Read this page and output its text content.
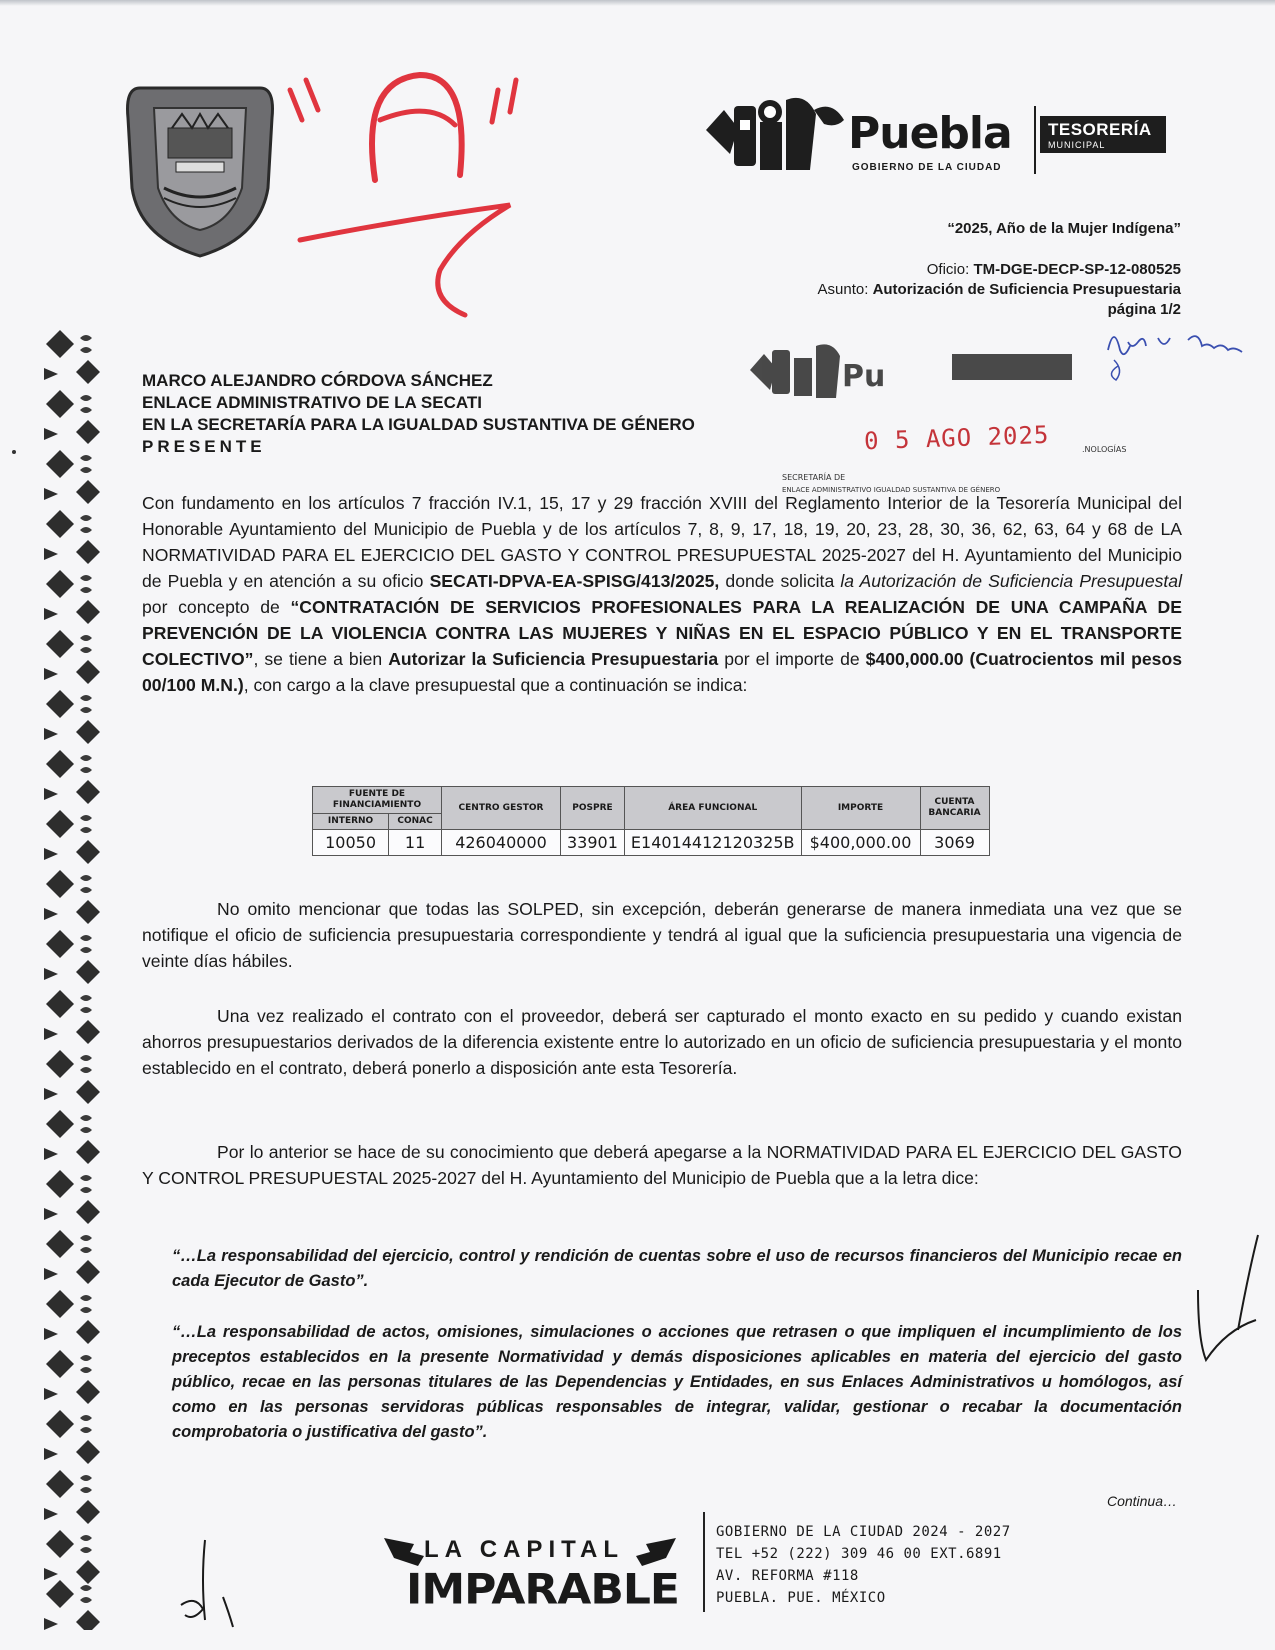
Puebla
GOBIERNO DE LA CIUDAD
TESORERÍA
MUNICIPAL
“2025, Año de la Mujer Indígena”
Oficio: TM-DGE-DECP-SP-12-080525
Asunto: Autorización de Suficiencia Presupuestaria
página 1/2
Pu
.NOLOGÍAS
SECRETARÍA DE
ENLACE ADMINISTRATIVO IGUALDAD SUSTANTIVA DE GÉNERO
0 5 AGO 2025
MARCO ALEJANDRO CÓRDOVA SÁNCHEZ
ENLACE ADMINISTRATIVO DE LA SECATI
EN LA SECRETARÍA PARA LA IGUALDAD SUSTANTIVA DE GÉNERO
PRESENTE
Con fundamento en los artículos 7 fracción IV.1, 15, 17 y 29 fracción XVIII del Reglamento Interior de la Tesorería Municipal del Honorable Ayuntamiento del Municipio de Puebla y de los artículos 7, 8, 9, 17, 18, 19, 20, 23, 28, 30, 36, 62, 63, 64 y 68 de LA NORMATIVIDAD PARA EL EJERCICIO DEL GASTO Y CONTROL PRESUPUESTAL 2025-2027 del H. Ayuntamiento del Municipio de Puebla y en atención a su oficio SECATI-DPVA-EA-SPISG/413/2025, donde solicita la Autorización de Suficiencia Presupuestal por concepto de “CONTRATACIÓN DE SERVICIOS PROFESIONALES PARA LA REALIZACIÓN DE UNA CAMPAÑA DE PREVENCIÓN DE LA VIOLENCIA CONTRA LAS MUJERES Y NIÑAS EN EL ESPACIO PÚBLICO Y EN EL TRANSPORTE COLECTIVO”, se tiene a bien Autorizar la Suficiencia Presupuestaria por el importe de $400,000.00 (Cuatrocientos mil pesos 00/100 M.N.), con cargo a la clave presupuestal que a continuación se indica:
FUENTE DE FINANCIAMIENTO		CENTRO GESTOR	POSPRE	ÁREA FUNCIONAL	IMPORTE	CUENTA BANCARIA
INTERNO	CONAC					
10050	11	426040000	33901	E14014412120325B	$400,000.00	3069
No omito mencionar que todas las SOLPED, sin excepción, deberán generarse de manera inmediata una vez que se notifique el oficio de suficiencia presupuestaria correspondiente y tendrá al igual que la suficiencia presupuestaria una vigencia de veinte días hábiles.
Una vez realizado el contrato con el proveedor, deberá ser capturado el monto exacto en su pedido y cuando existan ahorros presupuestarios derivados de la diferencia existente entre lo autorizado en un oficio de suficiencia presupuestaria y el monto establecido en el contrato, deberá ponerlo a disposición ante esta Tesorería.
Por lo anterior se hace de su conocimiento que deberá apegarse a la NORMATIVIDAD PARA EL EJERCICIO DEL GASTO Y CONTROL PRESUPUESTAL 2025-2027 del H. Ayuntamiento del Municipio de Puebla que a la letra dice:
“…La responsabilidad del ejercicio, control y rendición de cuentas sobre el uso de recursos financieros del Municipio recae en cada Ejecutor de Gasto”.
“…La responsabilidad de actos, omisiones, simulaciones o acciones que retrasen o que impliquen el incumplimiento de los preceptos establecidos en la presente Normatividad y demás disposiciones aplicables en materia del ejercicio del gasto público, recae en las personas titulares de las Dependencias y Entidades, en sus Enlaces Administrativos u homólogos, así como en las personas servidoras públicas responsables de integrar, validar, gestionar o recabar la documentación comprobatoria o justificativa del gasto”.
Continua…
LA CAPITAL
IMPARABLE
GOBIERNO DE LA CIUDAD 2024 - 2027
TEL +52 (222) 309 46 00 EXT.6891
AV. REFORMA #118
PUEBLA. PUE. MÉXICO
